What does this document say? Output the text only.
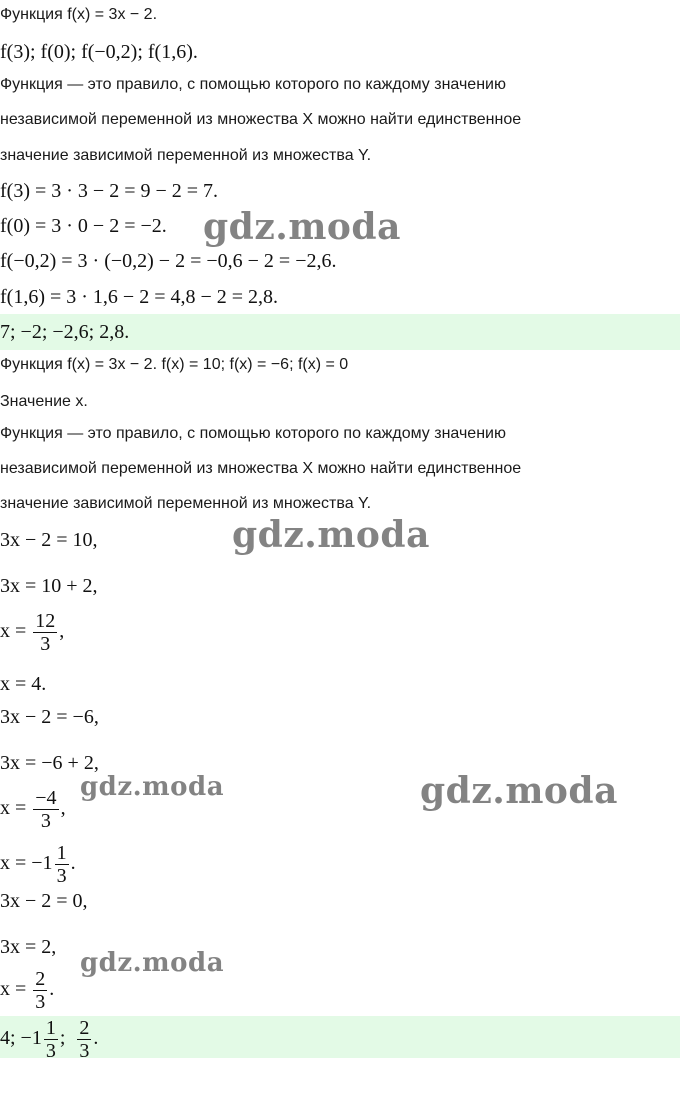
Функция f(x) = 3x − 2.
f(3); f(0); f(−0,2); f(1,6).
Функция — это правило, с помощью которого по каждому значению
независимой переменной из множества X можно найти единственное
значение зависимой переменной из множества Y.
f(3) = 3 · 3 − 2 = 9 − 2 = 7.
f(0) = 3 · 0 − 2 = −2.
f(−0,2) = 3 · (−0,2) − 2 = −0,6 − 2 = −2,6.
f(1,6) = 3 · 1,6 − 2 = 4,8 − 2 = 2,8.
7; −2; −2,6; 2,8.
Функция f(x) = 3x − 2. f(x) = 10; f(x) = −6; f(x) = 0
Значение x.
Функция — это правило, с помощью которого по каждому значению
независимой переменной из множества X можно найти единственное
значение зависимой переменной из множества Y.
3x − 2 = 10,
3x = 10 + 2,
$x = \frac{12}{3}$ ,
x = 4.
3x − 2 = −6,
3x = −6 + 2,
$x = \frac{-4}{3}$ ,
$x = -1 \frac{1}{3}$ .
3x − 2 = 0,
3x = 2,
$x = \frac{2}{3}$ .
4; $-1 \frac{1}{3}$ ; $\frac{2}{3}$ .
gdz.moda
gdz.moda
gdz.moda
gdz.moda
gdz.moda
